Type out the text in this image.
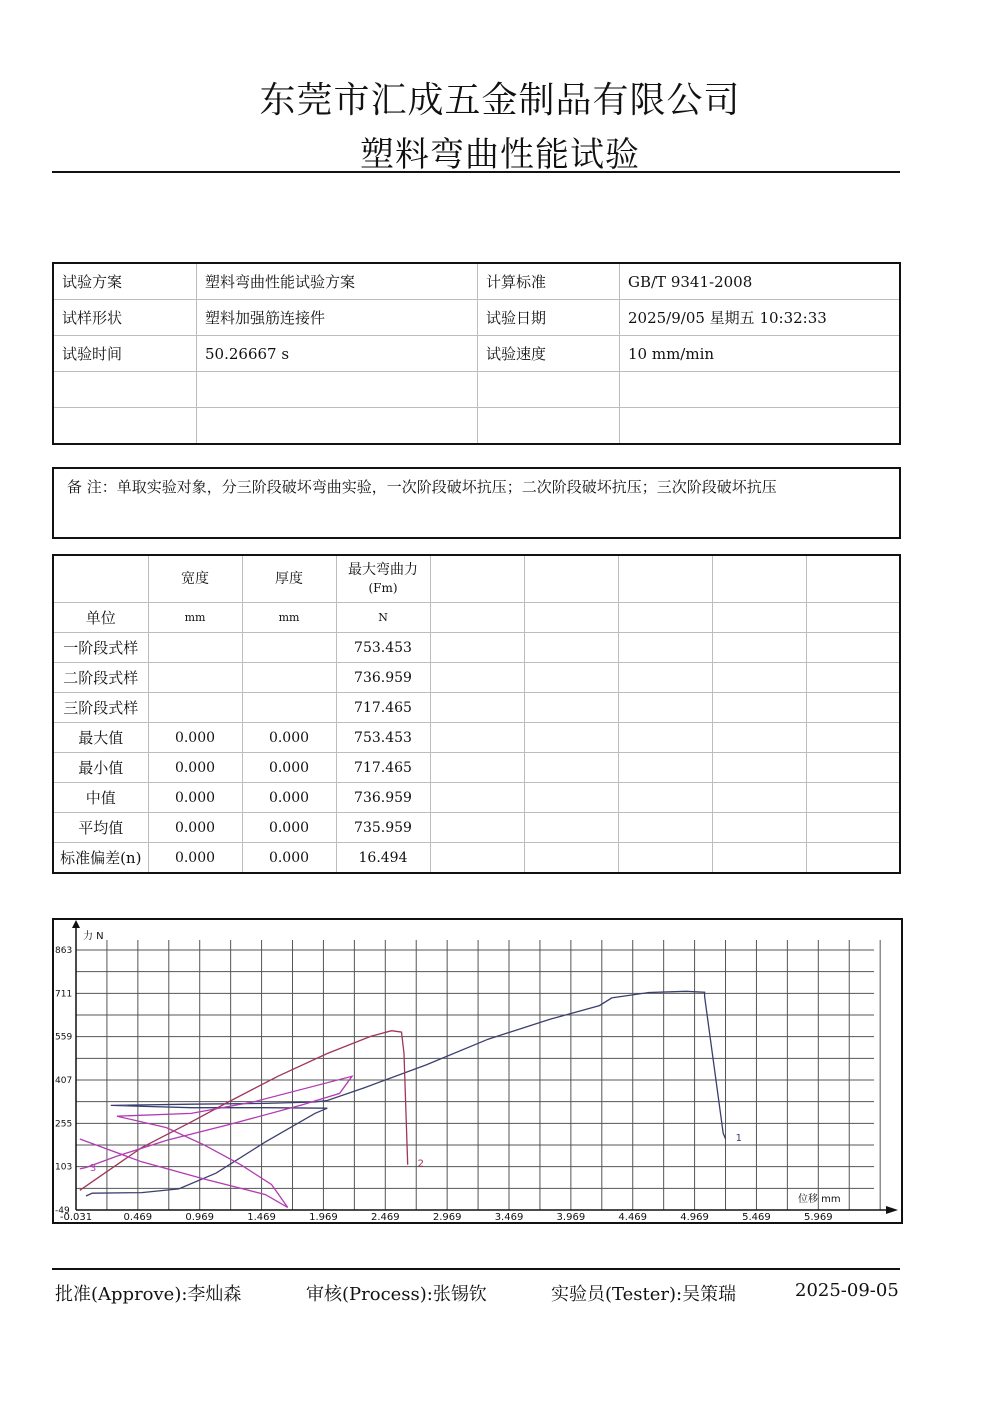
东莞市汇成五金制品有限公司
塑料弯曲性能试验
试验方案	塑料弯曲性能试验方案	计算标准	GB/T 9341-2008
试样形状	塑料加强筋连接件	试验日期	2025/9/05 星期五 10:32:33
试验时间	50.26667 s	试验速度	10 mm/min

备 注：单取实验对象，分三阶段破坏弯曲实验，一次阶段破坏抗压；二次阶段破坏抗压；三次阶段破坏抗压
	宽度	厚度	最大弯曲力
(Fm)					

单位	mm	mm	N					
一阶段式样			753.453					
二阶段式样			736.959					
三阶段式样			717.465					
最大值	0.000	0.000	753.453					
最小值	0.000	0.000	717.465					
中值	0.000	0.000	736.959					
平均值	0.000	0.000	735.959					
标准偏差(n)	0.000	0.000	16.494					
863
711
559
407
255
103
-49
-0.031	0.469	0.969	1.469	1.969	2.469	2.969	3.469	3.969	4.469	4.969	5.469	5.969
力 N
位移 mm
1
2
3
批准(Approve):李灿森	审核(Process):张锡钦	实验员(Tester):吴策瑞	2025-09-05
